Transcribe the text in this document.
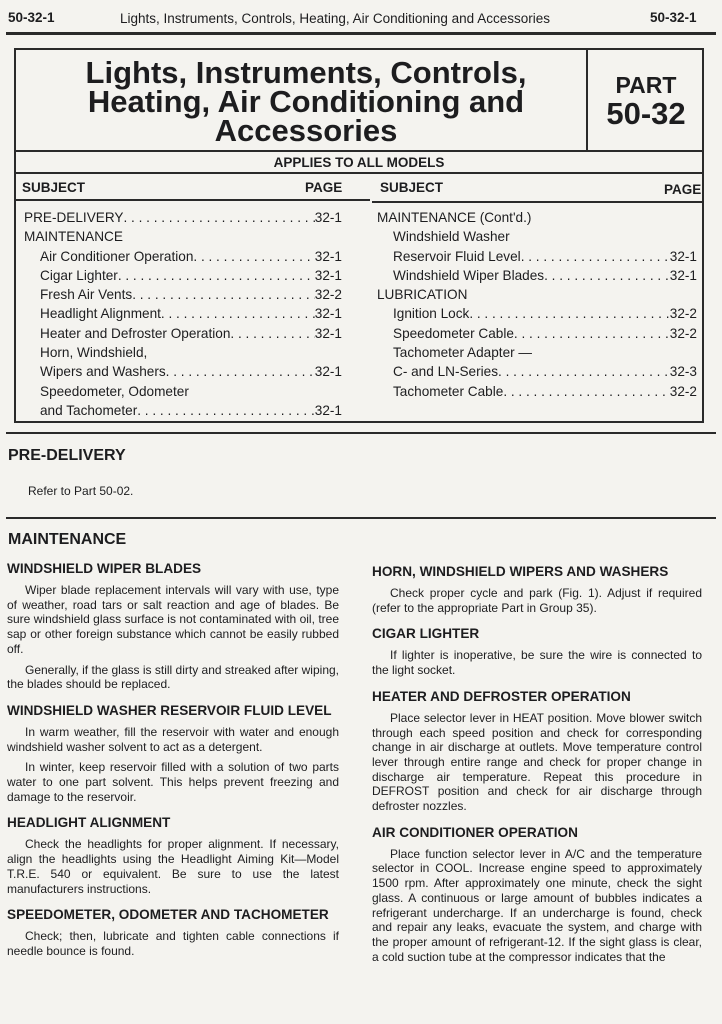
50-32-1	Lights, Instruments, Controls, Heating, Air Conditioning and Accessories	50-32-1
Lights, Instruments, Controls,
Heating, Air Conditioning and
Accessories
PART
50-32
APPLIES TO ALL MODELS
SUBJECT	PAGE	SUBJECT	PAGE
PRE-DELIVERY . . .	32-1
MAINTENANCE
Air Conditioner Operation . . .	32-1
Cigar Lighter . . .	32-1
Fresh Air Vents . . .	32-2
Headlight Alignment . . .	32-1
Heater and Defroster Operation . . .	32-1
Horn, Windshield,
Wipers and Washers . . .	32-1
Speedometer, Odometer
and Tachometer . . .	32-1
MAINTENANCE (Cont'd.)
Windshield Washer
Reservoir Fluid Level . . .	32-1
Windshield Wiper Blades . . .	32-1
LUBRICATION
Ignition Lock . . .	32-2
Speedometer Cable . . .	32-2
Tachometer Adapter —
C- and LN-Series . . .	32-3
Tachometer Cable . . .	32-2
PRE-DELIVERY
Refer to Part 50-02.
MAINTENANCE
WINDSHIELD WIPER BLADES
Wiper blade replacement intervals will vary with use, type of weather, road tars or salt reaction and age of blades. Be sure windshield glass surface is not contaminated with oil, tree sap or other foreign substance which cannot be easily rubbed off.
Generally, if the glass is still dirty and streaked after wiping, the blades should be replaced.
WINDSHIELD WASHER RESERVOIR FLUID LEVEL
In warm weather, fill the reservoir with water and enough windshield washer solvent to act as a detergent.
In winter, keep reservoir filled with a solution of two parts water to one part solvent. This helps prevent freezing and damage to the reservoir.
HEADLIGHT ALIGNMENT
Check the headlights for proper alignment. If necessary, align the headlights using the Headlight Aiming Kit—Model T.R.E. 540 or equivalent. Be sure to use the latest manufacturers instructions.
SPEEDOMETER, ODOMETER AND TACHOMETER
Check; then, lubricate and tighten cable connections if needle bounce is found.
HORN, WINDSHIELD WIPERS AND WASHERS
Check proper cycle and park (Fig. 1). Adjust if required (refer to the appropriate Part in Group 35).
CIGAR LIGHTER
If lighter is inoperative, be sure the wire is connected to the light socket.
HEATER AND DEFROSTER OPERATION
Place selector lever in HEAT position. Move blower switch through each speed position and check for corresponding change in air discharge at outlets. Move temperature control lever through entire range and check for proper change in discharge air temperature. Repeat this procedure in DEFROST position and check for air discharge through defroster nozzles.
AIR CONDITIONER OPERATION
Place function selector lever in A/C and the temperature selector in COOL. Increase engine speed to approximately 1500 rpm. After approximately one minute, check the sight glass. A continuous or large amount of bubbles indicates a refrigerant undercharge. If an undercharge is found, check and repair any leaks, evacuate the system, and charge with the proper amount of refrigerant-12. If the sight glass is clear, a cold suction tube at the compressor indicates that the
